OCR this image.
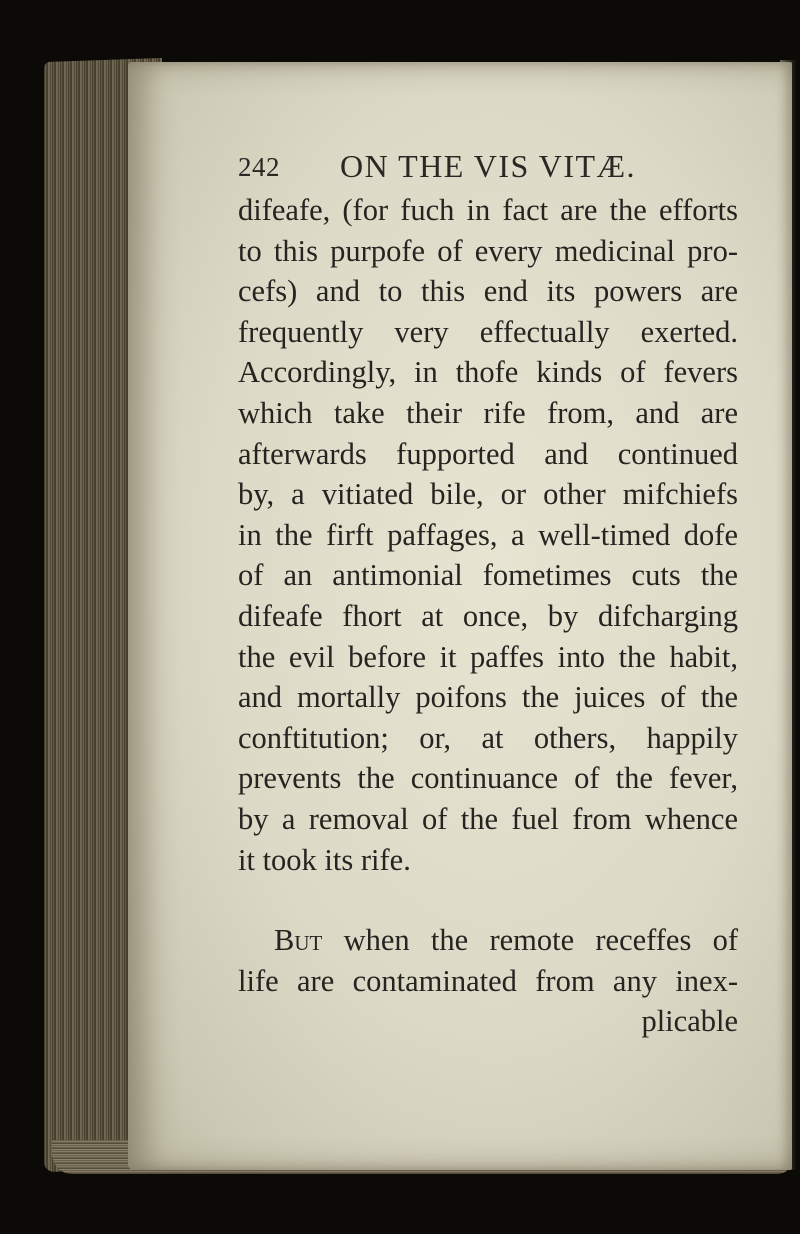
242 ON THE VIS VITÆ.
difeafe, (for fuch in fact are the efforts
to this purpofe of every medicinal pro-
cefs) and to this end its powers are
frequently very effectually exerted.
Accordingly, in thofe kinds of fevers
which take their rife from, and are
afterwards fupported and continued
by, a vitiated bile, or other mifchiefs
in the firft paffages, a well-timed dofe
of an antimonial fometimes cuts the
difeafe fhort at once, by difcharging
the evil before it paffes into the habit,
and mortally poifons the juices of the
conftitution; or, at others, happily
prevents the continuance of the fever,
by a removal of the fuel from whence
it took its rife.
But when the remote receffes of
life are contaminated from any inex-
plicable
